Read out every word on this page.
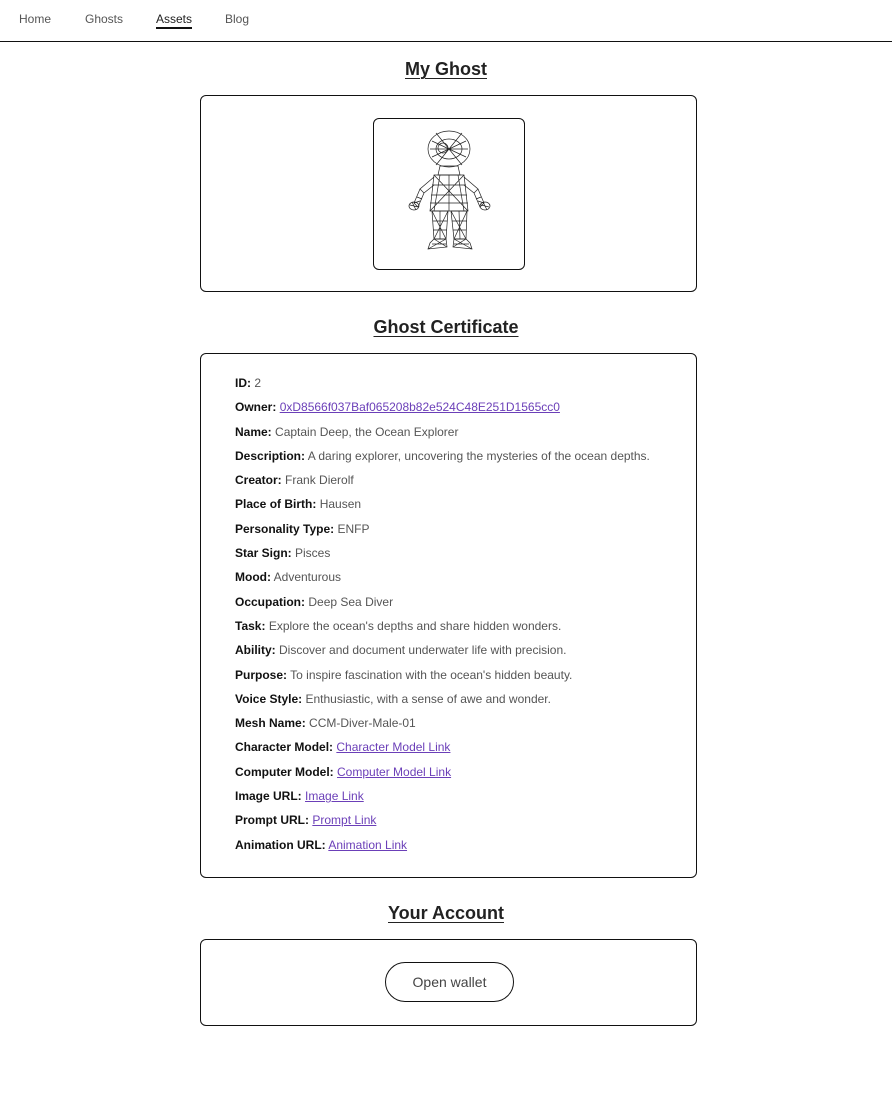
Home	Ghosts	Assets	Blog
My Ghost
Ghost Certificate
ID: 2
Owner: 0xD8566f037Baf065208b82e524C48E251D1565cc0
Name: Captain Deep, the Ocean Explorer
Description: A daring explorer, uncovering the mysteries of the ocean depths.
Creator: Frank Dierolf
Place of Birth: Hausen
Personality Type: ENFP
Star Sign: Pisces
Mood: Adventurous
Occupation: Deep Sea Diver
Task: Explore the ocean's depths and share hidden wonders.
Ability: Discover and document underwater life with precision.
Purpose: To inspire fascination with the ocean's hidden beauty.
Voice Style: Enthusiastic, with a sense of awe and wonder.
Mesh Name: CCM-Diver-Male-01
Character Model: Character Model Link
Computer Model: Computer Model Link
Image URL: Image Link
Prompt URL: Prompt Link
Animation URL: Animation Link
Your Account
Open wallet
